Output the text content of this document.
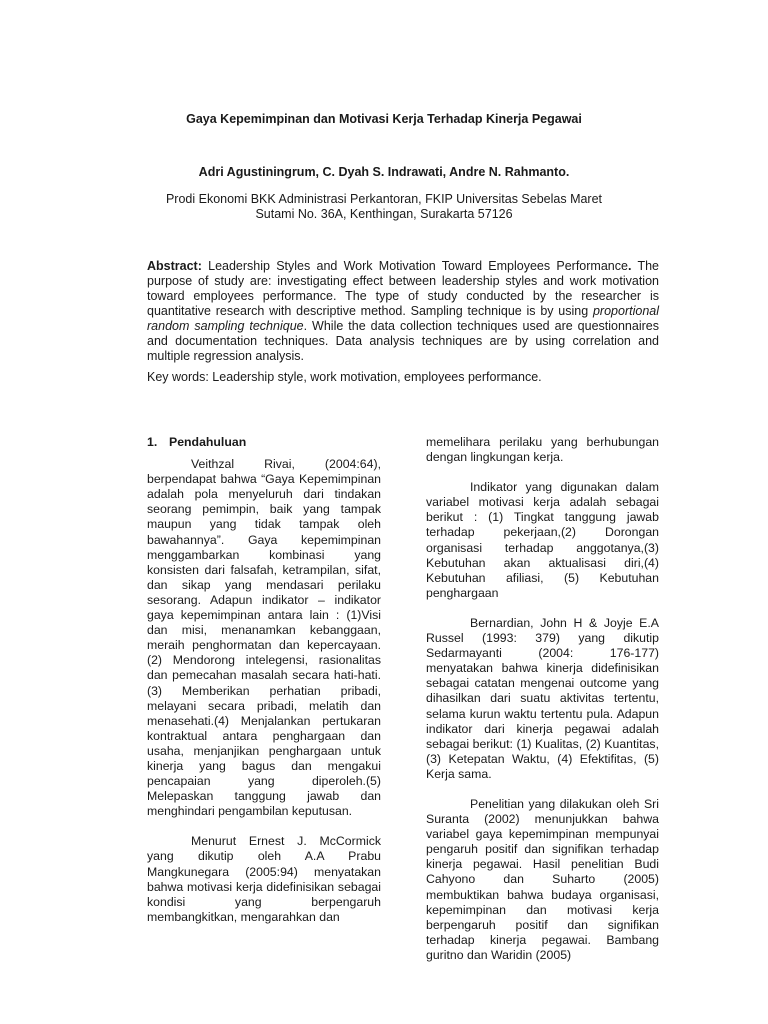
Gaya Kepemimpinan dan Motivasi Kerja Terhadap Kinerja Pegawai

Adri Agustiningrum, C. Dyah S. Indrawati, Andre N. Rahmanto.

Prodi Ekonomi BKK Administrasi Perkantoran, FKIP Universitas Sebelas Maret
Sutami No. 36A, Kenthingan, Surakarta 57126

Abstract: Leadership Styles and Work Motivation Toward Employees Performance. The purpose of study are: investigating effect between leadership styles and work motivation toward employees performance. The type of study conducted by the researcher is quantitative research with descriptive method. Sampling technique is by using proportional random sampling technique. While the data collection techniques used are questionnaires and documentation techniques. Data analysis techniques are by using correlation and multiple regression analysis.

Key words: Leadership style, work motivation, employees performance.

1. Pendahuluan

Veithzal Rivai, (2004:64), berpendapat bahwa “Gaya Kepemimpinan adalah pola menyeluruh dari tindakan seorang pemimpin, baik yang tampak maupun yang tidak tampak oleh bawahannya”. Gaya kepemimpinan menggambarkan kombinasi yang konsisten dari falsafah, ketrampilan, sifat, dan sikap yang mendasari perilaku sesorang. Adapun indikator – indikator gaya kepemimpinan antara lain : (1)Visi dan misi, menanamkan kebanggaan, meraih penghormatan dan kepercayaan. (2) Mendorong intelegensi, rasionalitas dan pemecahan masalah secara hati-hati. (3) Memberikan perhatian pribadi, melayani secara pribadi, melatih dan menasehati.(4) Menjalankan pertukaran kontraktual antara penghargaan dan usaha, menjanjikan penghargaan untuk kinerja yang bagus dan mengakui pencapaian yang diperoleh.(5) Melepaskan tanggung jawab dan menghindari pengambilan keputusan.

Menurut Ernest J. McCormick yang dikutip oleh A.A Prabu Mangkunegara (2005:94) menyatakan bahwa motivasi kerja didefinisikan sebagai kondisi yang berpengaruh membangkitkan, mengarahkan dan

memelihara perilaku yang berhubungan dengan lingkungan kerja.

Indikator yang digunakan dalam variabel motivasi kerja adalah sebagai berikut : (1) Tingkat tanggung jawab terhadap pekerjaan,(2) Dorongan organisasi terhadap anggotanya,(3) Kebutuhan akan aktualisasi diri,(4) Kebutuhan afiliasi, (5) Kebutuhan penghargaan

Bernardian, John H & Joyje E.A Russel (1993: 379) yang dikutip Sedarmayanti (2004: 176-177) menyatakan bahwa kinerja didefinisikan sebagai catatan mengenai outcome yang dihasilkan dari suatu aktivitas tertentu, selama kurun waktu tertentu pula. Adapun indikator dari kinerja pegawai adalah sebagai berikut: (1) Kualitas, (2) Kuantitas,(3) Ketepatan Waktu, (4) Efektifitas, (5) Kerja sama.

Penelitian yang dilakukan oleh Sri Suranta (2002) menunjukkan bahwa variabel gaya kepemimpinan mempunyai pengaruh positif dan signifikan terhadap kinerja pegawai. Hasil penelitian Budi Cahyono dan Suharto (2005) membuktikan bahwa budaya organisasi, kepemimpinan dan motivasi kerja berpengaruh positif dan signifikan terhadap kinerja pegawai. Bambang guritno dan Waridin (2005)
